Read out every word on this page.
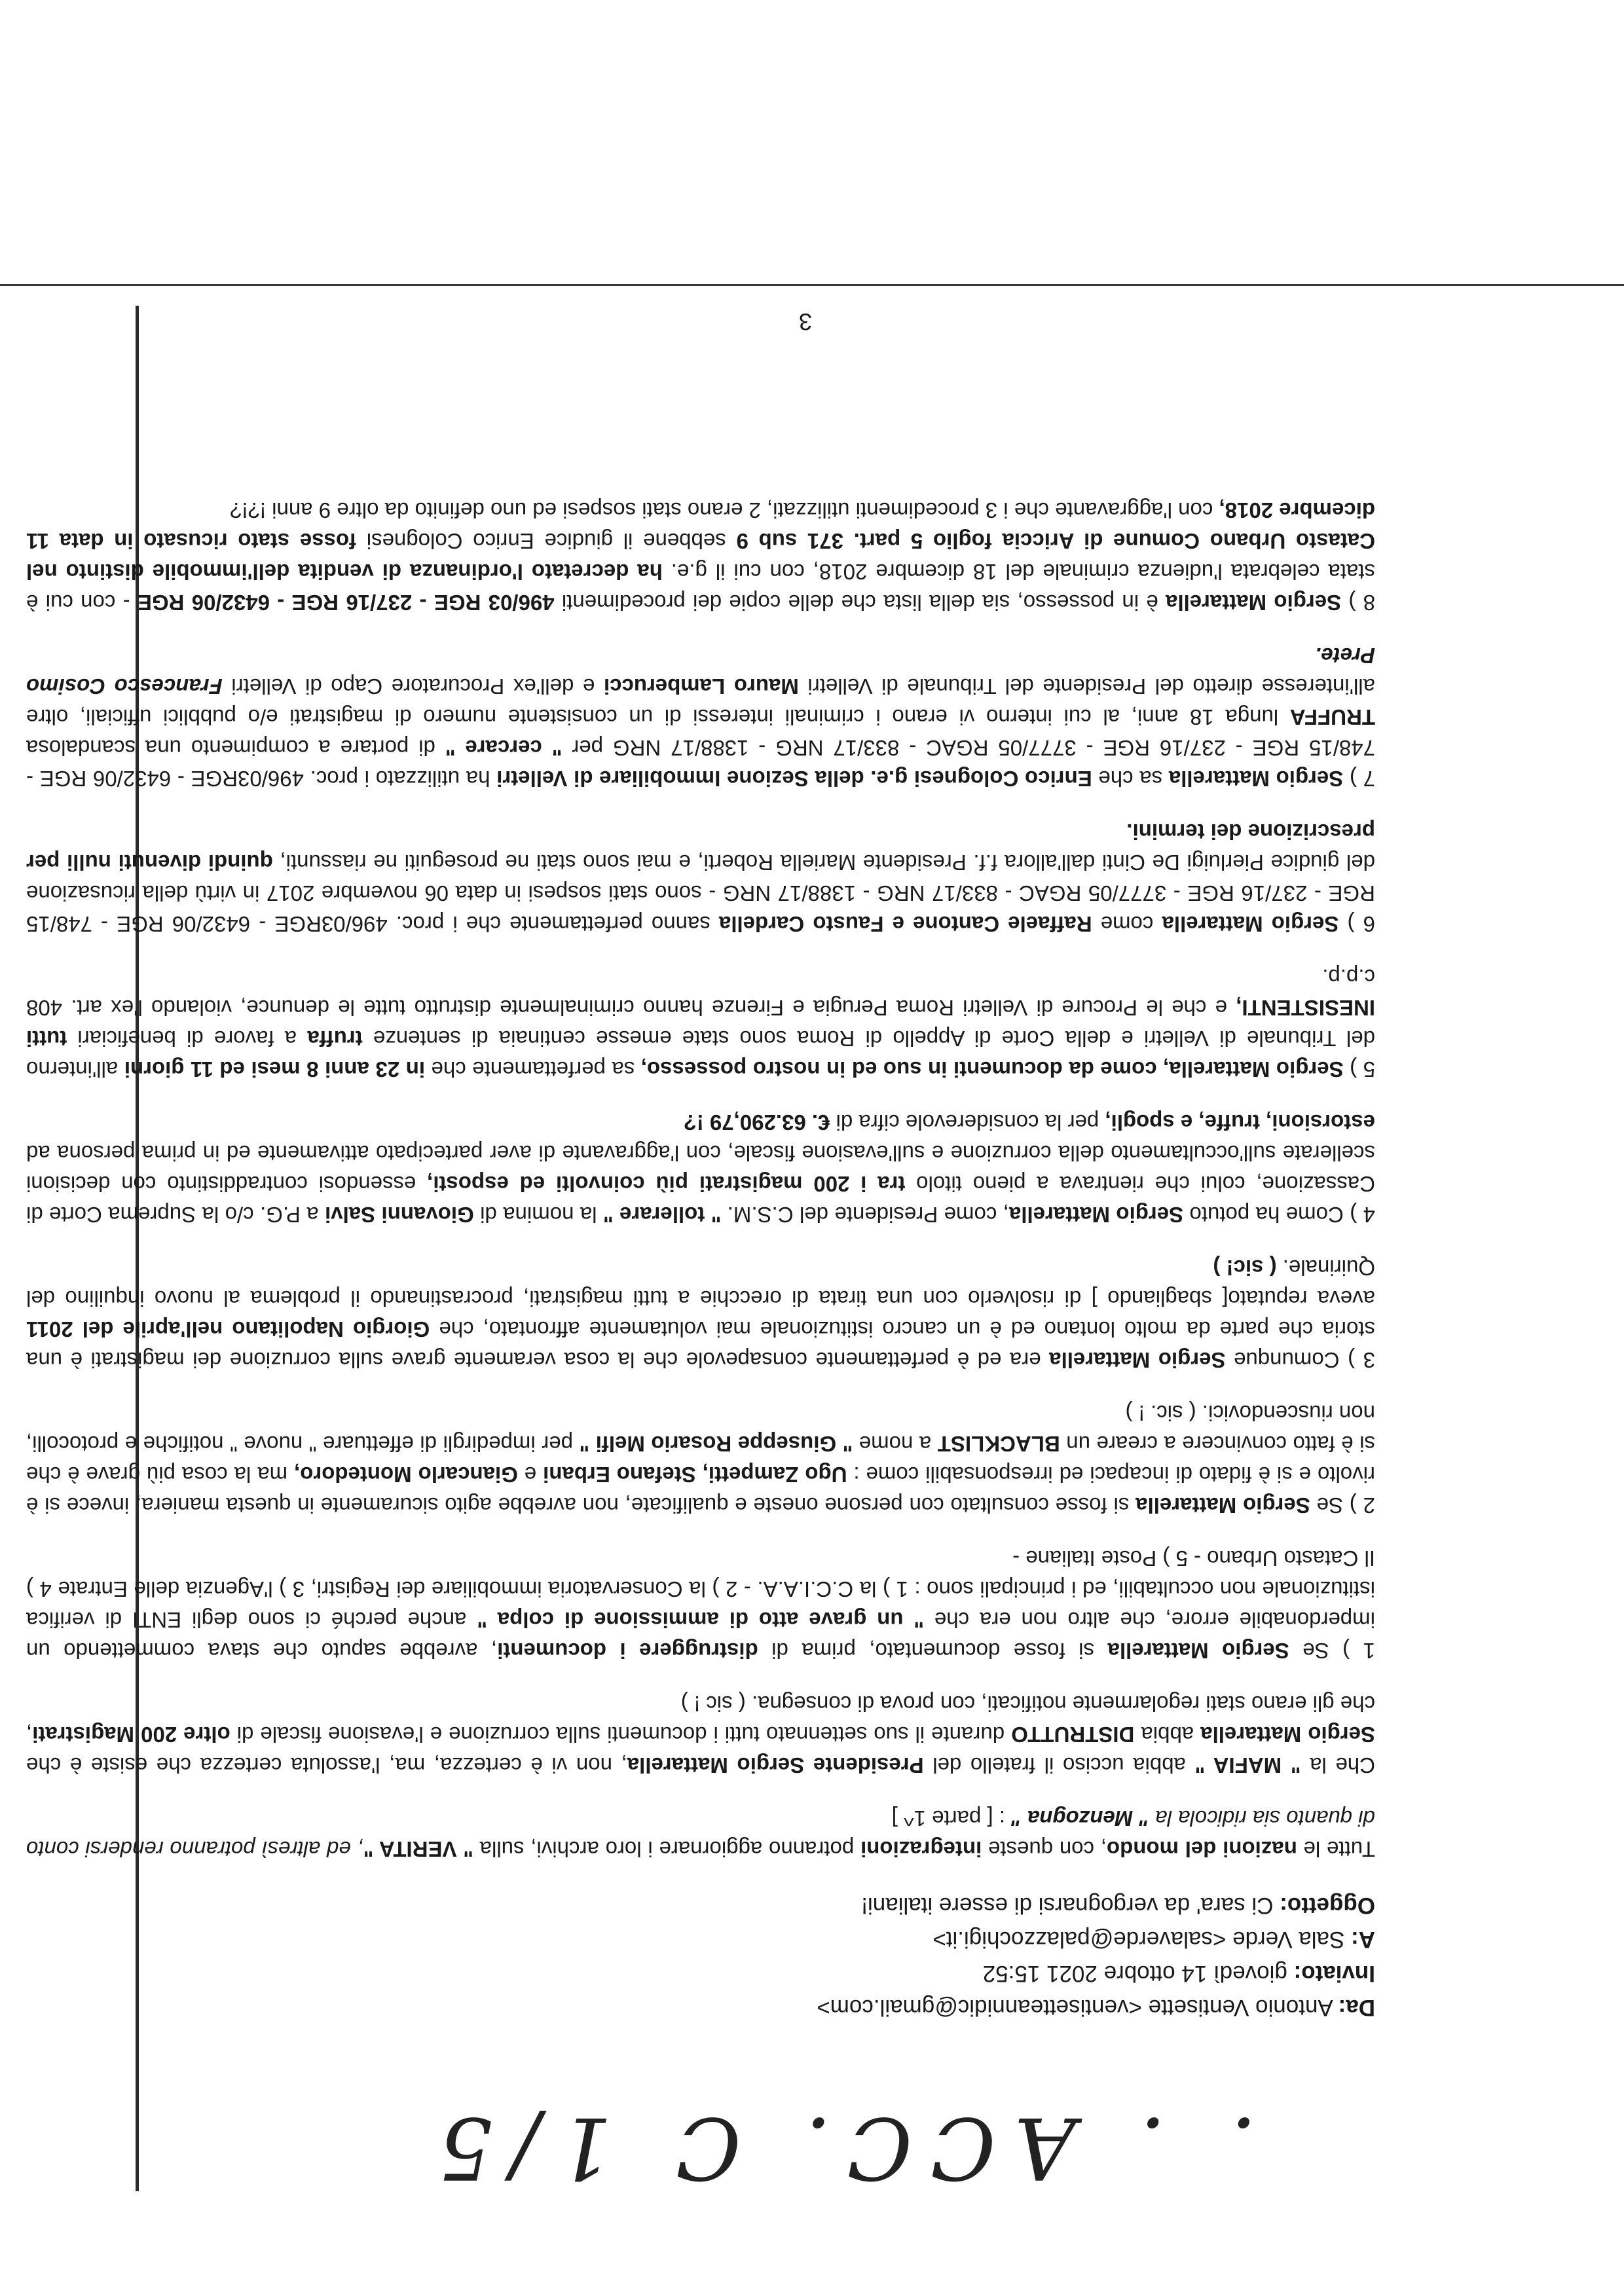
. . ACC. C 1/5

Da: Antonio Ventisette <ventisetteannidic@gmail.com>

Inviato: giovedì 14 ottobre 2021 15:52

A: Sala Verde <salaverde@palazzochigi.it>

Oggetto: Ci sara' da vergognarsi di essere italiani!

Tutte le nazioni del mondo, con queste integrazioni potranno aggiornare i loro archivi, sulla " VERITA ", ed altresì potranno rendersi conto di quanto sia ridicola la " Menzogna " : [ parte 1^ ]

Che la " MAFIA " abbia ucciso il fratello del Presidente Sergio Mattarella, non vi è certezza, ma, l'assoluta certezza che esiste è che Sergio Mattarella abbia DISTRUTTO durante il suo settennato tutti i documenti sulla corruzione e l'evasione fiscale di oltre 200 Magistrati, che gli erano stati regolarmente notificati, con prova di consegna. ( sic ! )

1 ) Se Sergio Mattarella si fosse documentato, prima di distruggere i documenti, avrebbe saputo che stava commettendo un imperdonabile errore, che altro non era che " un grave atto di ammissione di colpa " anche perché ci sono degli ENTI di verifica istituzionale non occultabili, ed i principali sono : 1 ) la C.C.I.A.A. - 2 ) la Conservatoria immobiliare dei Registri, 3 ) l'Agenzia delle Entrate 4 ) Il Catasto Urbano - 5 ) Poste Italiane -

2 ) Se Sergio Mattarella si fosse consultato con persone oneste e qualificate, non avrebbe agito sicuramente in questa maniera, invece si è rivolto e si è fidato di incapaci ed irresponsabili come : Ugo Zampetti, Stefano Erbani e Giancarlo Montedoro, ma la cosa più grave è che si è fatto convincere a creare un BLACKLIST a nome " Giuseppe Rosario Melfi " per impedirgli di effettuare " nuove " notifiche e protocolli, non riuscendovici. ( sic. ! )

3 ) Comunque Sergio Mattarella era ed è perfettamente consapevole che la cosa veramente grave sulla corruzione dei magistrati è una storia che parte da molto lontano ed è un cancro istituzionale mai volutamente affrontato, che Giorgio Napolitano nell'aprile del 2011 aveva reputato[ sbagliando ] di risolverlo con una tirata di orecchie a tutti magistrati, procrastinando il problema al nuovo inquilino del Quirinale. ( sic! )

4 ) Come ha potuto Sergio Mattarella, come Presidente del C.S.M. " tollerare " la nomina di Giovanni Salvi a P.G. c/o la Suprema Corte di Cassazione, colui che rientrava a pieno titolo tra i 200 magistrati più coinvolti ed esposti, essendosi contraddistinto con decisioni scellerate sull'occultamento della corruzione e sull'evasione fiscale, con l'aggravante di aver partecipato attivamente ed in prima persona ad estorsioni, truffe, e spogli, per la considerevole cifra di €. 63.290,79 !?

5 ) Sergio Mattarella, come da documenti in suo ed in nostro possesso, sa perfettamente che in 23 anni 8 mesi ed 11 giorni all'interno del Tribunale di Velletri e della Corte di Appello di Roma sono state emesse centinaia di sentenze truffa a favore di beneficiari tutti INESISTENTI, e che le Procure di Velletri Roma Perugia e Firenze hanno criminalmente distrutto tutte le denunce, violando l'ex art. 408 c.p.p.

6 ) Sergio Mattarella come Raffaele Cantone e Fausto Cardella sanno perfettamente che i proc. 496/03RGE - 6432/06 RGE - 748/15 RGE - 237/16 RGE - 3777/05 RGAC - 833/17 NRG - 1388/17 NRG - sono stati sospesi in data 06 novembre 2017 in virtù della ricusazione del giudice Pierluigi De Cinti dall'allora f.f. Presidente Mariella Roberti, e mai sono stati ne proseguiti ne riassunti, quindi divenuti nulli per prescrizione dei termini.

7 ) Sergio Mattarella sa che Enrico Colognesi g.e. della Sezione Immobiliare di Velletri ha utilizzato i proc. 496/03RGE - 6432/06 RGE - 748/15 RGE - 237/16 RGE - 3777/05 RGAC - 833/17 NRG - 1388/17 NRG per " cercare " di portare a compimento una scandalosa TRUFFA lunga 18 anni, al cui interno vi erano i criminali interessi di un consistente numero di magistrati e/o pubblici ufficiali, oltre all'interesse diretto del Presidente del Tribunale di Velletri Mauro Lamberucci e dell'ex Procuratore Capo di Velletri Francesco Cosimo Prete.

8 ) Sergio Mattarella è in possesso, sia della lista che delle copie dei procedimenti 496/03 RGE - 237/16 RGE - 6432/06 RGE - con cui è stata celebrata l'udienza criminale del 18 dicembre 2018, con cui il g.e. ha decretato l'ordinanza di vendita dell'immobile distinto nel Catasto Urbano Comune di Ariccia foglio 5 part. 371 sub 9 sebbene il giudice Enrico Colognesi fosse stato ricusato in data 11 dicembre 2018, con l'aggravante che i 3 procedimenti utilizzati, 2 erano stati sospesi ed uno definito da oltre 9 anni !?!?

3
